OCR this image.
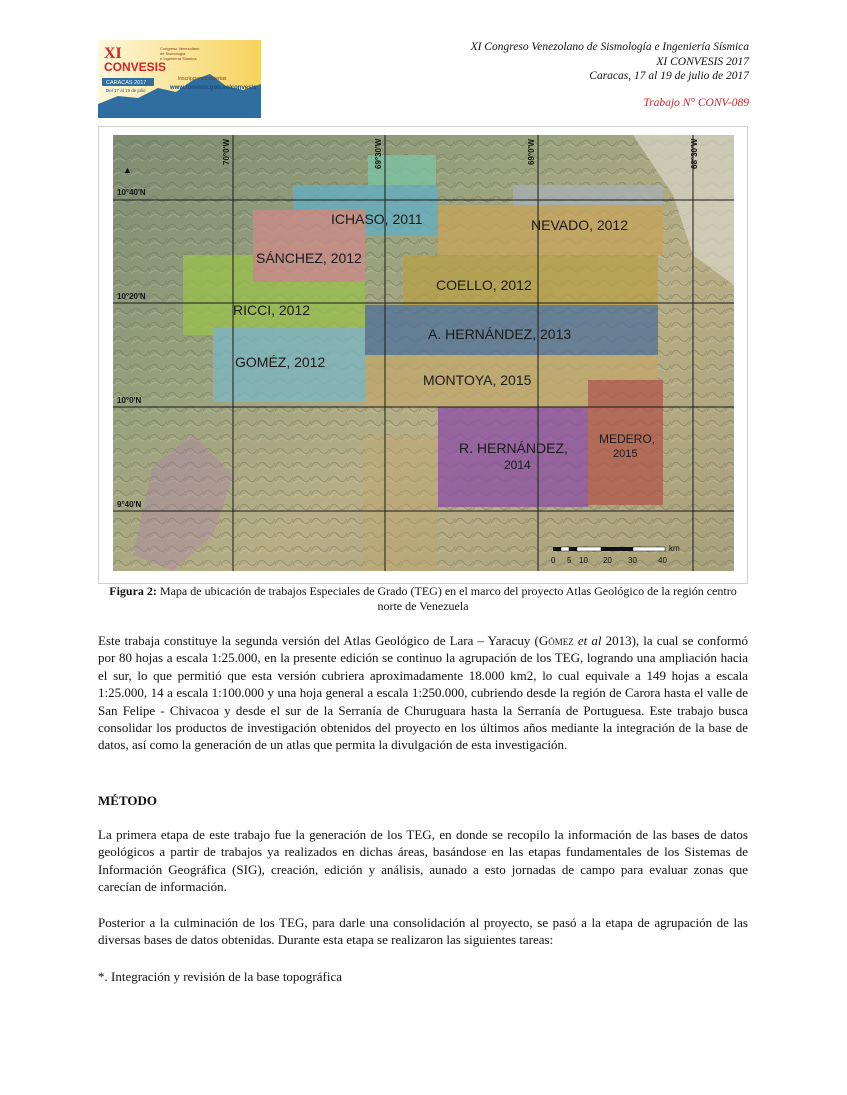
XI
CONVESIS
Congreso Venezolano
de Sismología
e Ingeniería Sísmica
CARACAS 2017
Del 17 al 19 de julio
Inscripciones abiertas
www.funvisis.gob.ve/convesis
XI Congreso Venezolano de Sismología e Ingeniería Sísmica
XI CONVESIS 2017
Caracas, 17 al 19 de julio de 2017
Trabajo N° CONV-089
70°0'W	69°30'W	69°0'W	68°30'W
10°40'N
10°20'N
10°0'N
9°40'N
▲
ICHASO, 2011	NEVADO, 2012
SÁNCHEZ, 2012
COELLO, 2012
RICCI, 2012
A. HERNÁNDEZ, 2013
GOMÉZ, 2012
MONTOYA, 2015
R. HERNÁNDEZ,
2014
MEDERO,
2015
0 5 10 20 30	40
km
Figura 2: Mapa de ubicación de trabajos Especiales de Grado (TEG) en el marco del proyecto Atlas Geológico de la región centro norte de Venezuela

Este trabaja constituye la segunda versión del Atlas Geológico de Lara – Yaracuy (Gómez et al 2013), la cual se conformó por 80 hojas a escala 1:25.000, en la presente edición se continuo la agrupación de los TEG, logrando una ampliación hacia el sur, lo que permitió que esta versión cubriera aproximadamente 18.000 km2, lo cual equivale a 149 hojas a escala 1:25.000, 14 a escala 1:100.000 y una hoja general a escala 1:250.000, cubriendo desde la región de Carora hasta el valle de San Felipe - Chivacoa y desde el sur de la Serranía de Churuguara hasta la Serranía de Portuguesa. Este trabajo busca consolidar los productos de investigación obtenidos del proyecto en los últimos años mediante la integración de la base de datos, así como la generación de un atlas que permita la divulgación de esta investigación.

MÉTODO

La primera etapa de este trabajo fue la generación de los TEG, en donde se recopilo la información de las bases de datos geológicos a partir de trabajos ya realizados en dichas áreas, basándose en las etapas fundamentales de los Sistemas de Información Geográfica (SIG), creación, edición y análisis, aunado a esto jornadas de campo para evaluar zonas que carecían de información.

Posterior a la culminación de los TEG, para darle una consolidación al proyecto, se pasó a la etapa de agrupación de las diversas bases de datos obtenidas. Durante esta etapa se realizaron las siguientes tareas:

*. Integración y revisión de la base topográfica
